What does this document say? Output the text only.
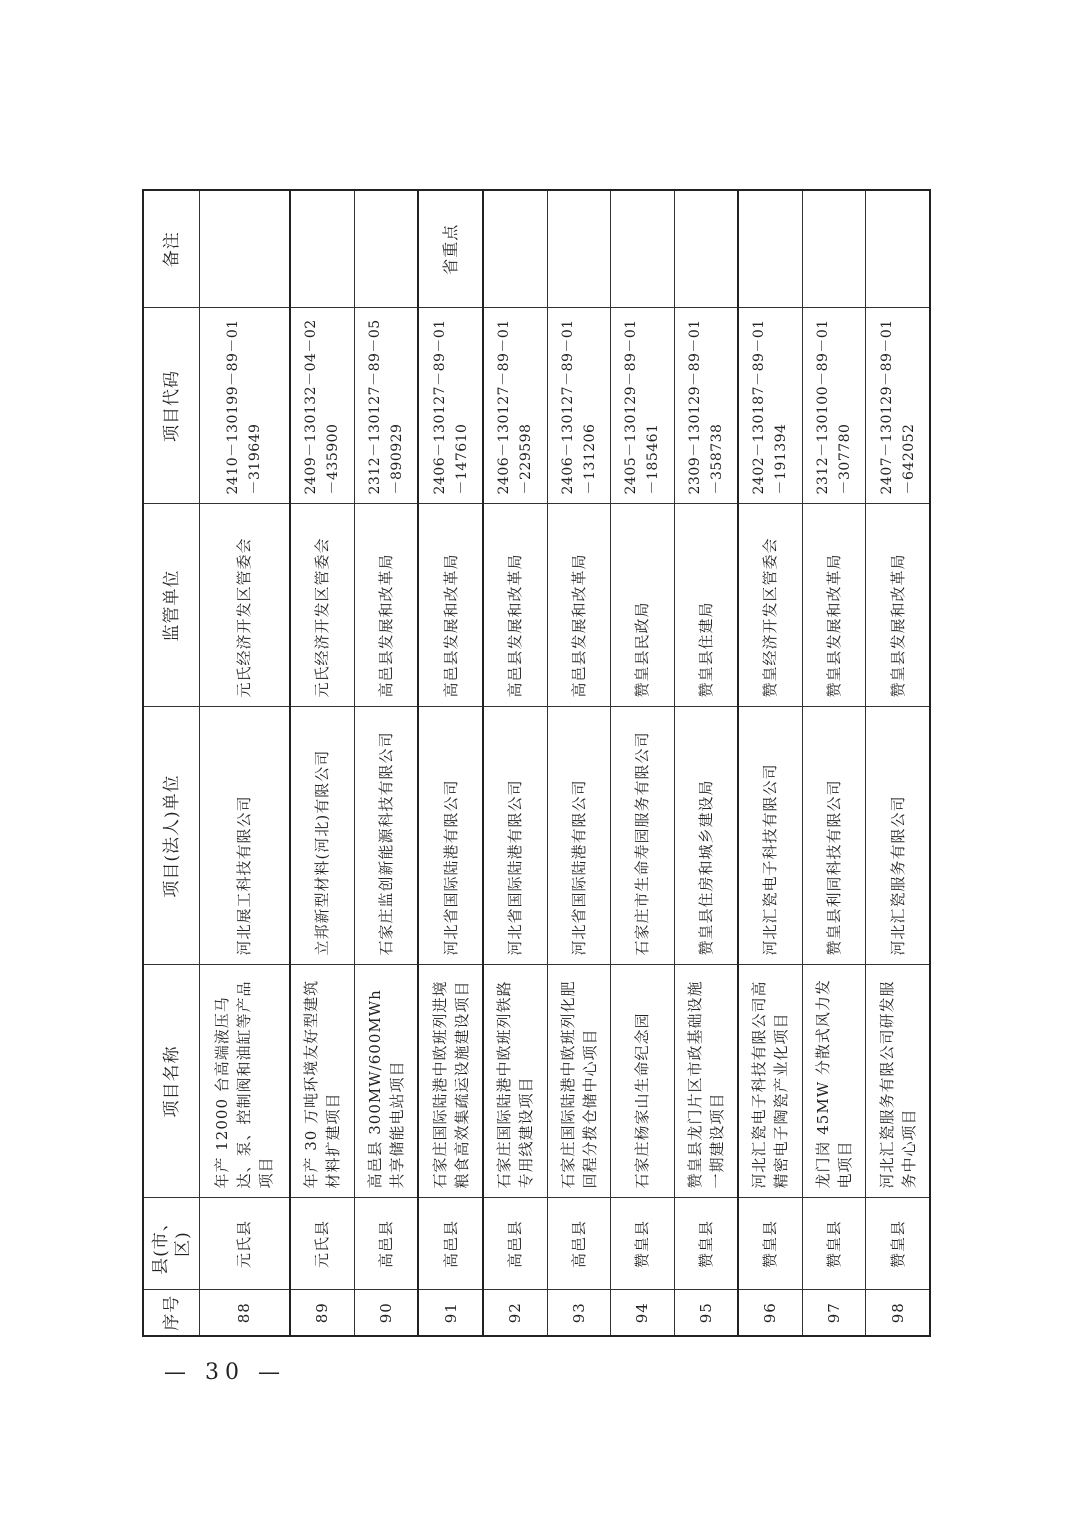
序号	县(市、区)	项目名称	项目(法人)单位	监管单位	项目代码	备注
88	元氏县	年产 12000 台高端液压马达、泵、控制阀和油缸等产品项目	河北展工科技有限公司	元氏经济开发区管委会	2410－130199－89－01－319649	
89	元氏县	年产 30 万吨环境友好型建筑材料扩建项目	立邦新型材料(河北)有限公司	元氏经济开发区管委会	2409－130132－04－02－435900	
90	高邑县	高邑县 300MW/600MWh 共享储能电站项目	石家庄监创新能源科技有限公司	高邑县发展和改革局	2312－130127－89－05－890929	
91	高邑县	石家庄国际陆港中欧班列进境粮食高效集疏运设施建设项目	河北省国际陆港有限公司	高邑县发展和改革局	2406－130127－89－01－147610	省重点
92	高邑县	石家庄国际陆港中欧班列铁路专用线建设项目	河北省国际陆港有限公司	高邑县发展和改革局	2406－130127－89－01－229598	
93	高邑县	石家庄国际陆港中欧班列化肥回程分拨仓储中心项目	河北省国际陆港有限公司	高邑县发展和改革局	2406－130127－89－01－131206	
94	赞皇县	石家庄杨家山生命纪念园	石家庄市生命寿园服务有限公司	赞皇县民政局	2405－130129－89－01－185461	
95	赞皇县	赞皇县龙门片区市政基础设施一期建设项目	赞皇县住房和城乡建设局	赞皇县住建局	2309－130129－89－01－358738	
96	赞皇县	河北汇瓷电子科技有限公司高精密电子陶瓷产业化项目	河北汇瓷电子科技有限公司	赞皇经济开发区管委会	2402－130187－89－01－191394	
97	赞皇县	龙门岗 45MW 分散式风力发电项目	赞皇县利同科技有限公司	赞皇县发展和改革局	2312－130100－89－01－307780	
98	赞皇县	河北汇瓷服务有限公司研发服务中心项目	河北汇瓷服务有限公司	赞皇县发展和改革局	2407－130129－89－01－642052	
— 30 —
